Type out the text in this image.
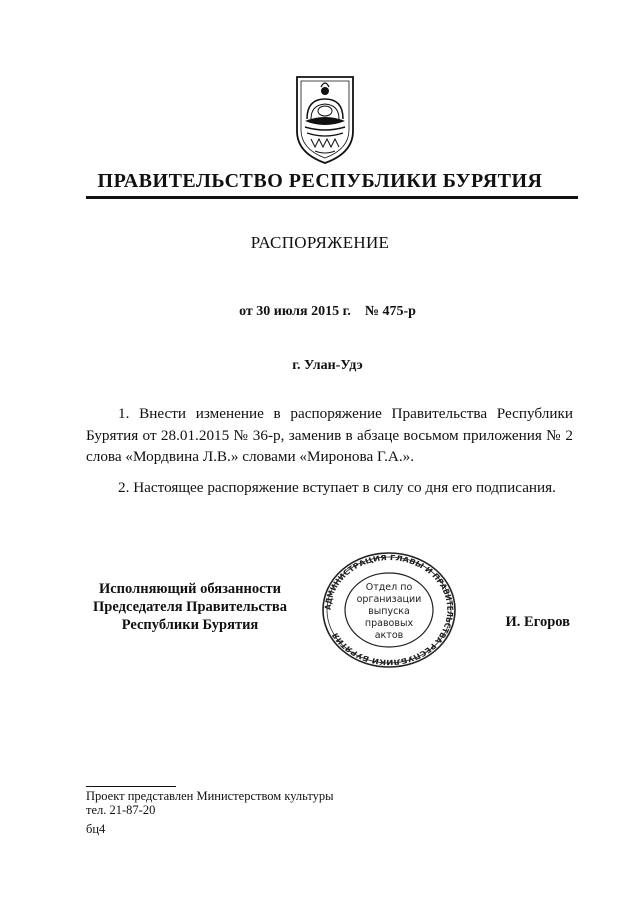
ПРАВИТЕЛЬСТВО РЕСПУБЛИКИ БУРЯТИЯ
РАСПОРЯЖЕНИЕ
от 30 июля 2015 г. № 475-р
г. Улан-Удэ

1. Внести изменение в распоряжение Правительства Республики Бурятия от 28.01.2015 № 36-р, заменив в абзаце восьмом приложения № 2 слова «Мордвина Л.В.» словами «Миронова Г.А.».

2. Настоящее распоряжение вступает в силу со дня его подписания.

Исполняющий обязанности
Председателя Правительства
Республики Бурятия
АДМИНИСТРАЦИЯ ГЛАВЫ И ПРАВИТЕЛЬСТВА РЕСПУБЛИКИ БУРЯТИЯ
Отдел по
организации
выпуска
правовых
актов
И. Егоров
Проект представлен Министерством культуры
тел. 21-87-20
бц4
